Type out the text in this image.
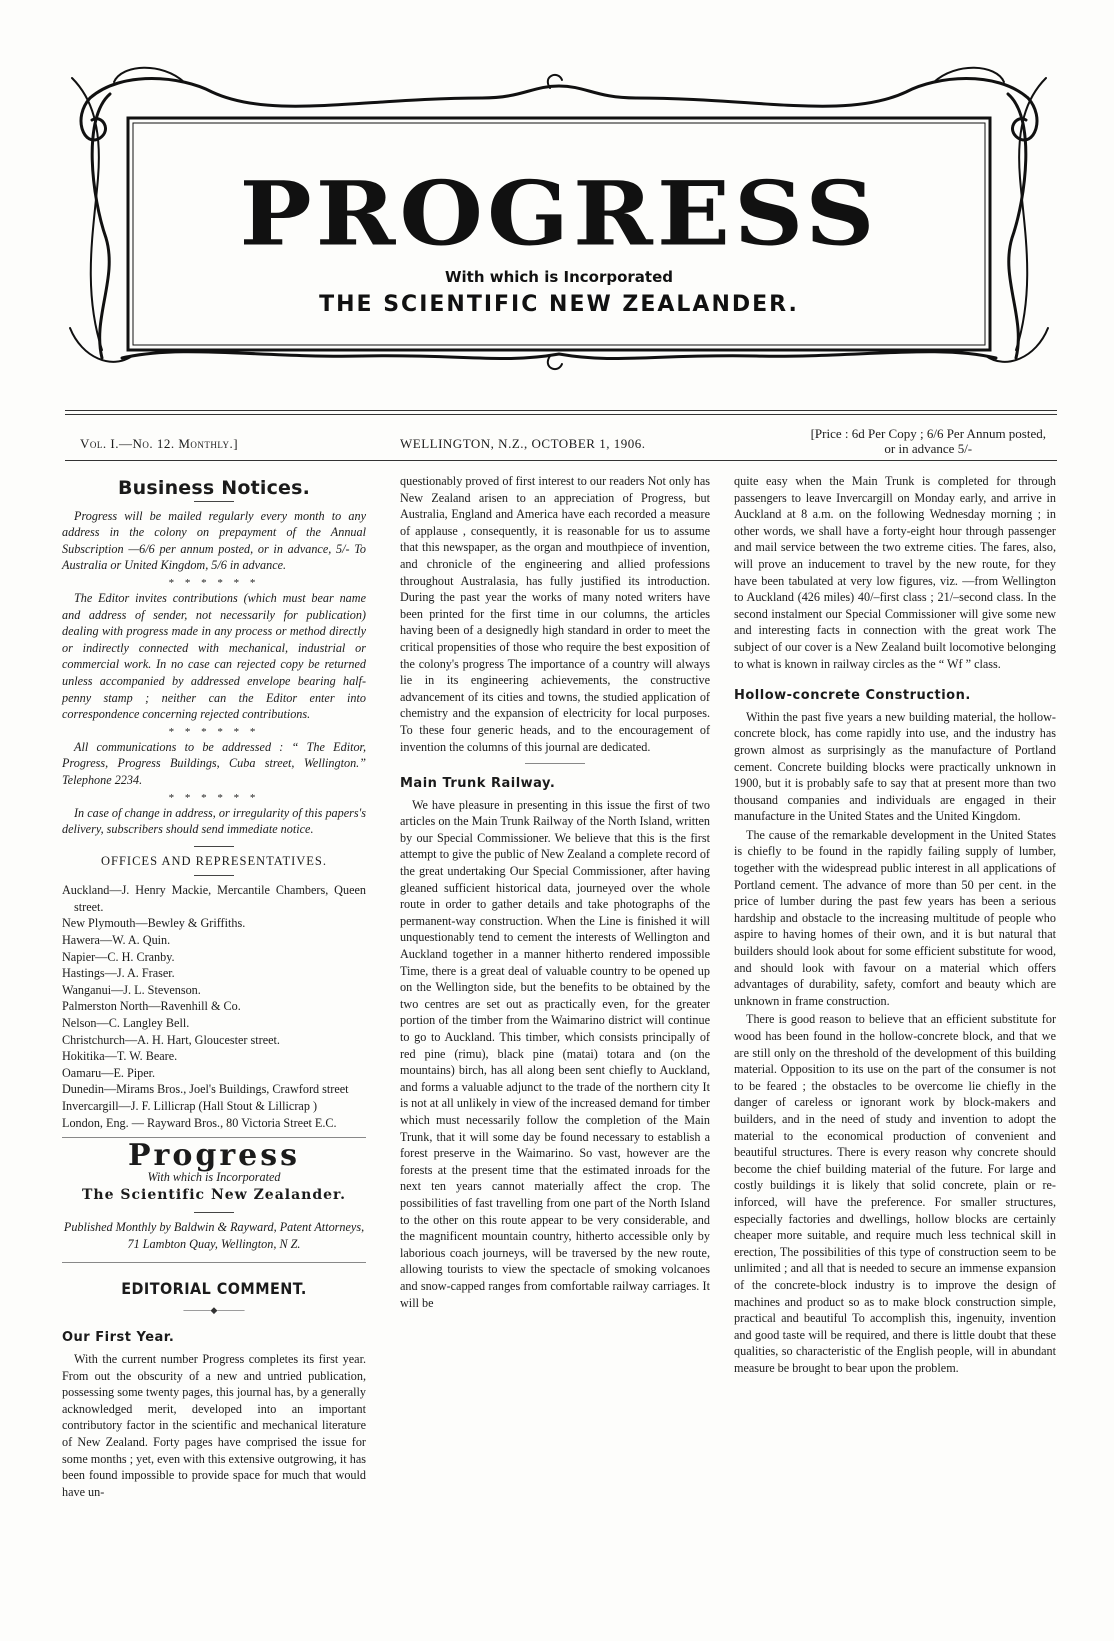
PROGRESS
With which is Incorporated
THE SCIENTIFIC NEW ZEALANDER.
Vol. I.—No. 12. Monthly.]	WELLINGTON, N.Z., OCTOBER 1, 1906.
[Price : 6d Per Copy ; 6/6 Per Annum posted,
or in advance 5/-
Business Notices.

Progress will be mailed regularly every month to any address in the colony on prepayment of the Annual Subscription —6/6 per annum posted, or in advance, 5/- To Australia or United Kingdom, 5/6 in advance.

* * * * * *

The Editor invites contributions (which must bear name and address of sender, not necessarily for publication) dealing with progress made in any process or method directly or indirectly connected with mechanical, industrial or commercial work. In no case can rejected copy be returned unless accompanied by addressed envelope bearing half-penny stamp ; neither can the Editor enter into correspondence concerning rejected contributions.

* * * * * *

All communications to be addressed : “ The Editor, Progress, Progress Buildings, Cuba street, Wellington.” Telephone 2234.

* * * * * *

In case of change in address, or irregularity of this papers's delivery, subscribers should send immediate notice.

OFFICES AND REPRESENTATIVES.

Auckland—J. Henry Mackie, Mercantile Chambers, Queen street.

New Plymouth—Bewley & Griffiths.

Hawera—W. A. Quin.

Napier—C. H. Cranby.

Hastings—J. A. Fraser.

Wanganui—J. L. Stevenson.

Palmerston North—Ravenhill & Co.

Nelson—C. Langley Bell.

Christchurch—A. H. Hart, Gloucester street.

Hokitika—T. W. Beare.

Oamaru—E. Piper.

Dunedin—Mirams Bros., Joel's Buildings, Crawford street

Invercargill—J. F. Lillicrap (Hall Stout & Lillicrap )

London, Eng. — Rayward Bros., 80 Victoria Street E.C.

Progress

With which is Incorporated

The Scientific New Zealander.

Published Monthly by Baldwin & Rayward, Patent Attorneys, 71 Lambton Quay, Wellington, N Z.

EDITORIAL COMMENT.
———◆———
Our First Year.

With the current number Progress completes its first year. From out the obscurity of a new and untried publication, possessing some twenty pages, this journal has, by a generally acknowledged merit, developed into an important contributory factor in the scientific and mechanical literature of New Zealand. Forty pages have comprised the issue for some months ; yet, even with this extensive outgrowing, it has been found impossible to provide space for much that would have un-

questionably proved of first interest to our readers Not only has New Zealand arisen to an appreciation of Progress, but Australia, England and America have each recorded a measure of applause , consequently, it is reasonable for us to assume that this newspaper, as the organ and mouthpiece of invention, and chronicle of the engineering and allied professions throughout Australasia, has fully justified its introduction. During the past year the works of many noted writers have been printed for the first time in our columns, the articles having been of a designedly high standard in order to meet the critical propensities of those who require the best exposition of the colony's progress The importance of a country will always lie in its engineering achievements, the constructive advancement of its cities and towns, the studied application of chemistry and the expansion of electricity for local purposes. To these four generic heads, and to the encouragement of invention the columns of this journal are dedicated.

Main Trunk Railway.

We have pleasure in presenting in this issue the first of two articles on the Main Trunk Railway of the North Island, written by our Special Commissioner. We believe that this is the first attempt to give the public of New Zealand a complete record of the great undertaking Our Special Commissioner, after having gleaned sufficient historical data, journeyed over the whole route in order to gather details and take photographs of the permanent-way construction. When the Line is finished it will unquestionably tend to cement the interests of Wellington and Auckland together in a manner hitherto rendered impossible Time, there is a great deal of valuable country to be opened up on the Wellington side, but the benefits to be obtained by the two centres are set out as practically even, for the greater portion of the timber from the Waimarino district will continue to go to Auckland. This timber, which consists principally of red pine (rimu), black pine (matai) totara and (on the mountains) birch, has all along been sent chiefly to Auckland, and forms a valuable adjunct to the trade of the northern city It is not at all unlikely in view of the increased demand for timber which must necessarily follow the completion of the Main Trunk, that it will some day be found necessary to establish a forest preserve in the Waimarino. So vast, however are the forests at the present time that the estimated inroads for the next ten years cannot materially affect the crop. The possibilities of fast travelling from one part of the North Island to the other on this route appear to be very considerable, and the magnificent mountain country, hitherto accessible only by laborious coach journeys, will be traversed by the new route, allowing tourists to view the spectacle of smoking volcanoes and snow-capped ranges from comfortable railway carriages. It will be

quite easy when the Main Trunk is completed for through passengers to leave Invercargill on Monday early, and arrive in Auckland at 8 a.m. on the following Wednesday morning ; in other words, we shall have a forty-eight hour through passenger and mail service between the two extreme cities. The fares, also, will prove an inducement to travel by the new route, for they have been tabulated at very low figures, viz. —from Wellington to Auckland (426 miles) 40/–first class ; 21/–second class. In the second instalment our Special Commissioner will give some new and interesting facts in connection with the great work The subject of our cover is a New Zealand built locomotive belonging to what is known in railway circles as the “ Wf ” class.

Hollow-concrete Construction.

Within the past five years a new building material, the hollow-concrete block, has come rapidly into use, and the industry has grown almost as surprisingly as the manufacture of Portland cement. Concrete building blocks were practically unknown in 1900, but it is probably safe to say that at present more than two thousand companies and individuals are engaged in their manufacture in the United States and the United Kingdom.

The cause of the remarkable development in the United States is chiefly to be found in the rapidly failing supply of lumber, together with the widespread public interest in all applications of Portland cement. The advance of more than 50 per cent. in the price of lumber during the past few years has been a serious hardship and obstacle to the increasing multitude of people who aspire to having homes of their own, and it is but natural that builders should look about for some efficient substitute for wood, and should look with favour on a material which offers advantages of durability, safety, comfort and beauty which are unknown in frame construction.

There is good reason to believe that an efficient substitute for wood has been found in the hollow-concrete block, and that we are still only on the threshold of the development of this building material. Opposition to its use on the part of the consumer is not to be feared ; the obstacles to be overcome lie chiefly in the danger of careless or ignorant work by block-makers and builders, and in the need of study and invention to adopt the material to the economical production of convenient and beautiful structures. There is every reason why concrete should become the chief building material of the future. For large and costly buildings it is likely that solid concrete, plain or re-inforced, will have the preference. For smaller structures, especially factories and dwellings, hollow blocks are certainly cheaper more suitable, and require much less technical skill in erection, The possibilities of this type of construction seem to be unlimited ; and all that is needed to secure an immense expansion of the concrete-block industry is to improve the design of machines and product so as to make block construction simple, practical and beautiful To accomplish this, ingenuity, invention and good taste will be required, and there is little doubt that these qualities, so characteristic of the English people, will in abundant measure be brought to bear upon the problem.
